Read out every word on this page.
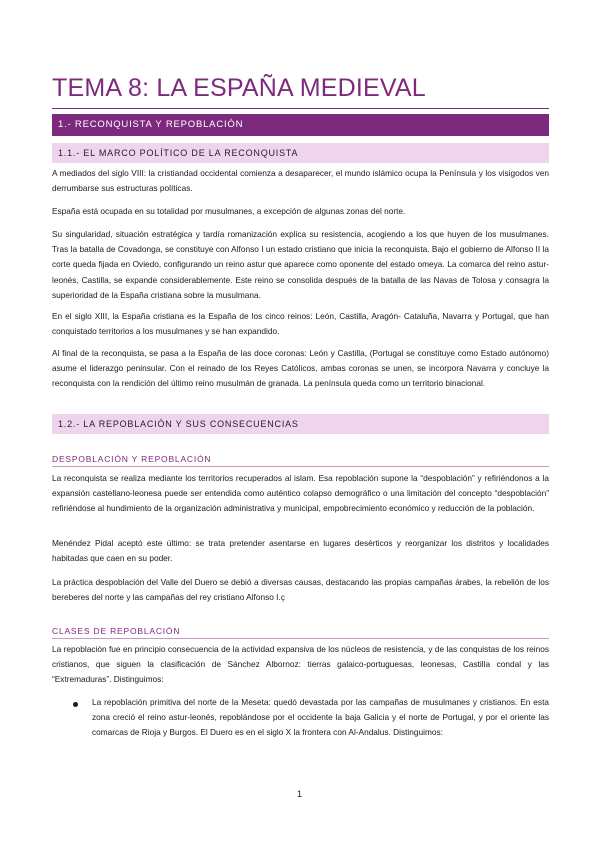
TEMA 8: LA ESPAÑA MEDIEVAL
1.- RECONQUISTA Y REPOBLACIÓN
1.1.- EL MARCO POLÍTICO DE LA RECONQUISTA

A mediados del siglo VIII: la cristiandad occidental comienza a desaparecer, el mundo islámico ocupa la Península y los visigodos ven derrumbarse sus estructuras políticas.

España está ocupada en su totalidad por musulmanes, a excepción de algunas zonas del norte.

Su singularidad, situación estratégica y tardía romanización explica su resistencia, acogiendo a los que huyen de los musulmanes. Tras la batalla de Covadonga, se constituye con Alfonso I un estado cristiano que inicia la reconquista. Bajo el gobierno de Alfonso II la corte queda fijada en Oviedo, configurando un reino astur que aparece como oponente del estado omeya. La comarca del reino astur-leonés, Castilla, se expande considerablemente. Este reino se consolida después de la batalla de las Navas de Tolosa y consagra la superioridad de la España cristiana sobre la musulmana.

En el siglo XIII, la España cristiana es la España de los cinco reinos: León, Castilla, Aragón- Cataluña, Navarra y Portugal, que han conquistado territorios a los musulmanes y se han expandido.

Al final de la reconquista, se pasa a la España de las doce coronas: León y Castilla, (Portugal se constituye como Estado autónomo) asume el liderazgo peninsular. Con el reinado de los Reyes Católicos, ambas coronas se unen, se incorpora Navarra y concluye la reconquista con la rendición del último reino musulmán de granada. La península queda como un territorio binacional.

1.2.- LA REPOBLACIÓN Y SUS CONSECUENCIAS
DESPOBLACIÓN Y REPOBLACIÓN

La reconquista se realiza mediante los territorios recuperados al islam. Esa repoblación supone la “despoblación” y refiriéndonos a la expansión castellano-leonesa puede ser entendida como auténtico colapso demográfico o una limitación del concepto “despoblación” refiriéndose al hundimiento de la organización administrativa y municipal, empobrecimiento económico y reducción de la población.

Menéndez Pidal aceptó este último: se trata pretender asentarse en lugares desérticos y reorganizar los distritos y localidades habitadas que caen en su poder.

La práctica despoblación del Valle del Duero se debió a diversas causas, destacando las propias campañas árabes, la rebelión de los bereberes del norte y las campañas del rey cristiano Alfonso I.ç

CLASES DE REPOBLACIÓN

La repoblación fue en principio consecuencia de la actividad expansiva de los núcleos de resistencia, y de las conquistas de los reinos cristianos, que siguen la clasificación de Sánchez Albornoz: tierras galaico-portuguesas, leonesas, Castilla condal y las “Extremaduras”. Distinguimos:

La repoblación primitiva del norte de la Meseta: quedó devastada por las campañas de musulmanes y cristianos. En esta zona creció el reino astur-leonés, repoblándose por el occidente la baja Galicia y el norte de Portugal, y por el oriente las comarcas de Rioja y Burgos. El Duero es en el siglo X la frontera con Al-Andalus. Distinguimos:

1
